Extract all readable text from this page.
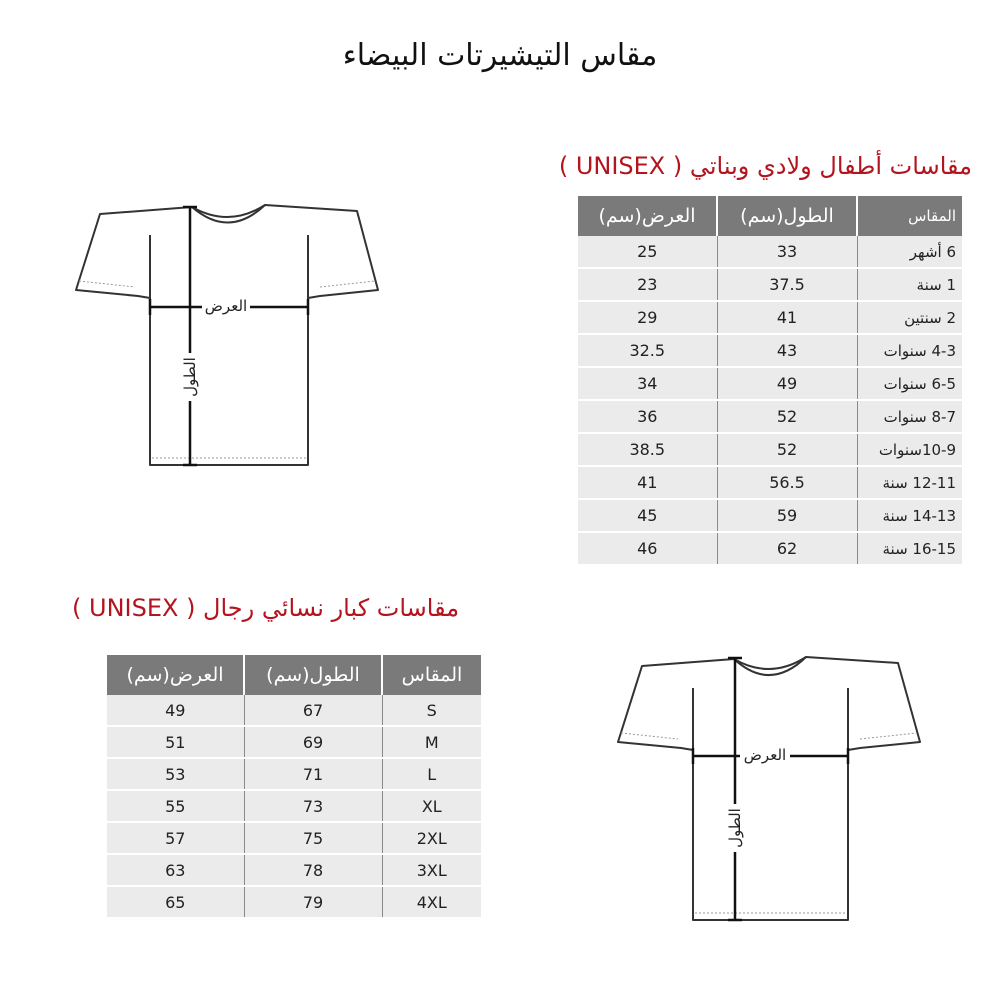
مقاس التيشيرتات البيضاء
مقاسات أطفال ولادي وبناتي ( UNISEX )
المقاس	الطول(سم)	العرض(سم)
6 أشهر	33	25
1 سنة	37.5	23
2 سنتين	41	29
4-3 سنوات	43	32.5
6-5 سنوات	49	34
8-7 سنوات	52	36
10-9سنوات	52	38.5
12-11 سنة	56.5	41
14-13 سنة	59	45
16-15 سنة	62	46
مقاسات كبار نسائي رجال ( UNISEX )
المقاس	الطول(سم)	العرض(سم)
S	67	49
M	69	51
L	71	53
XL	73	55
2XL	75	57
3XL	78	63
4XL	79	65
العرض
الطول
العرض
الطول
